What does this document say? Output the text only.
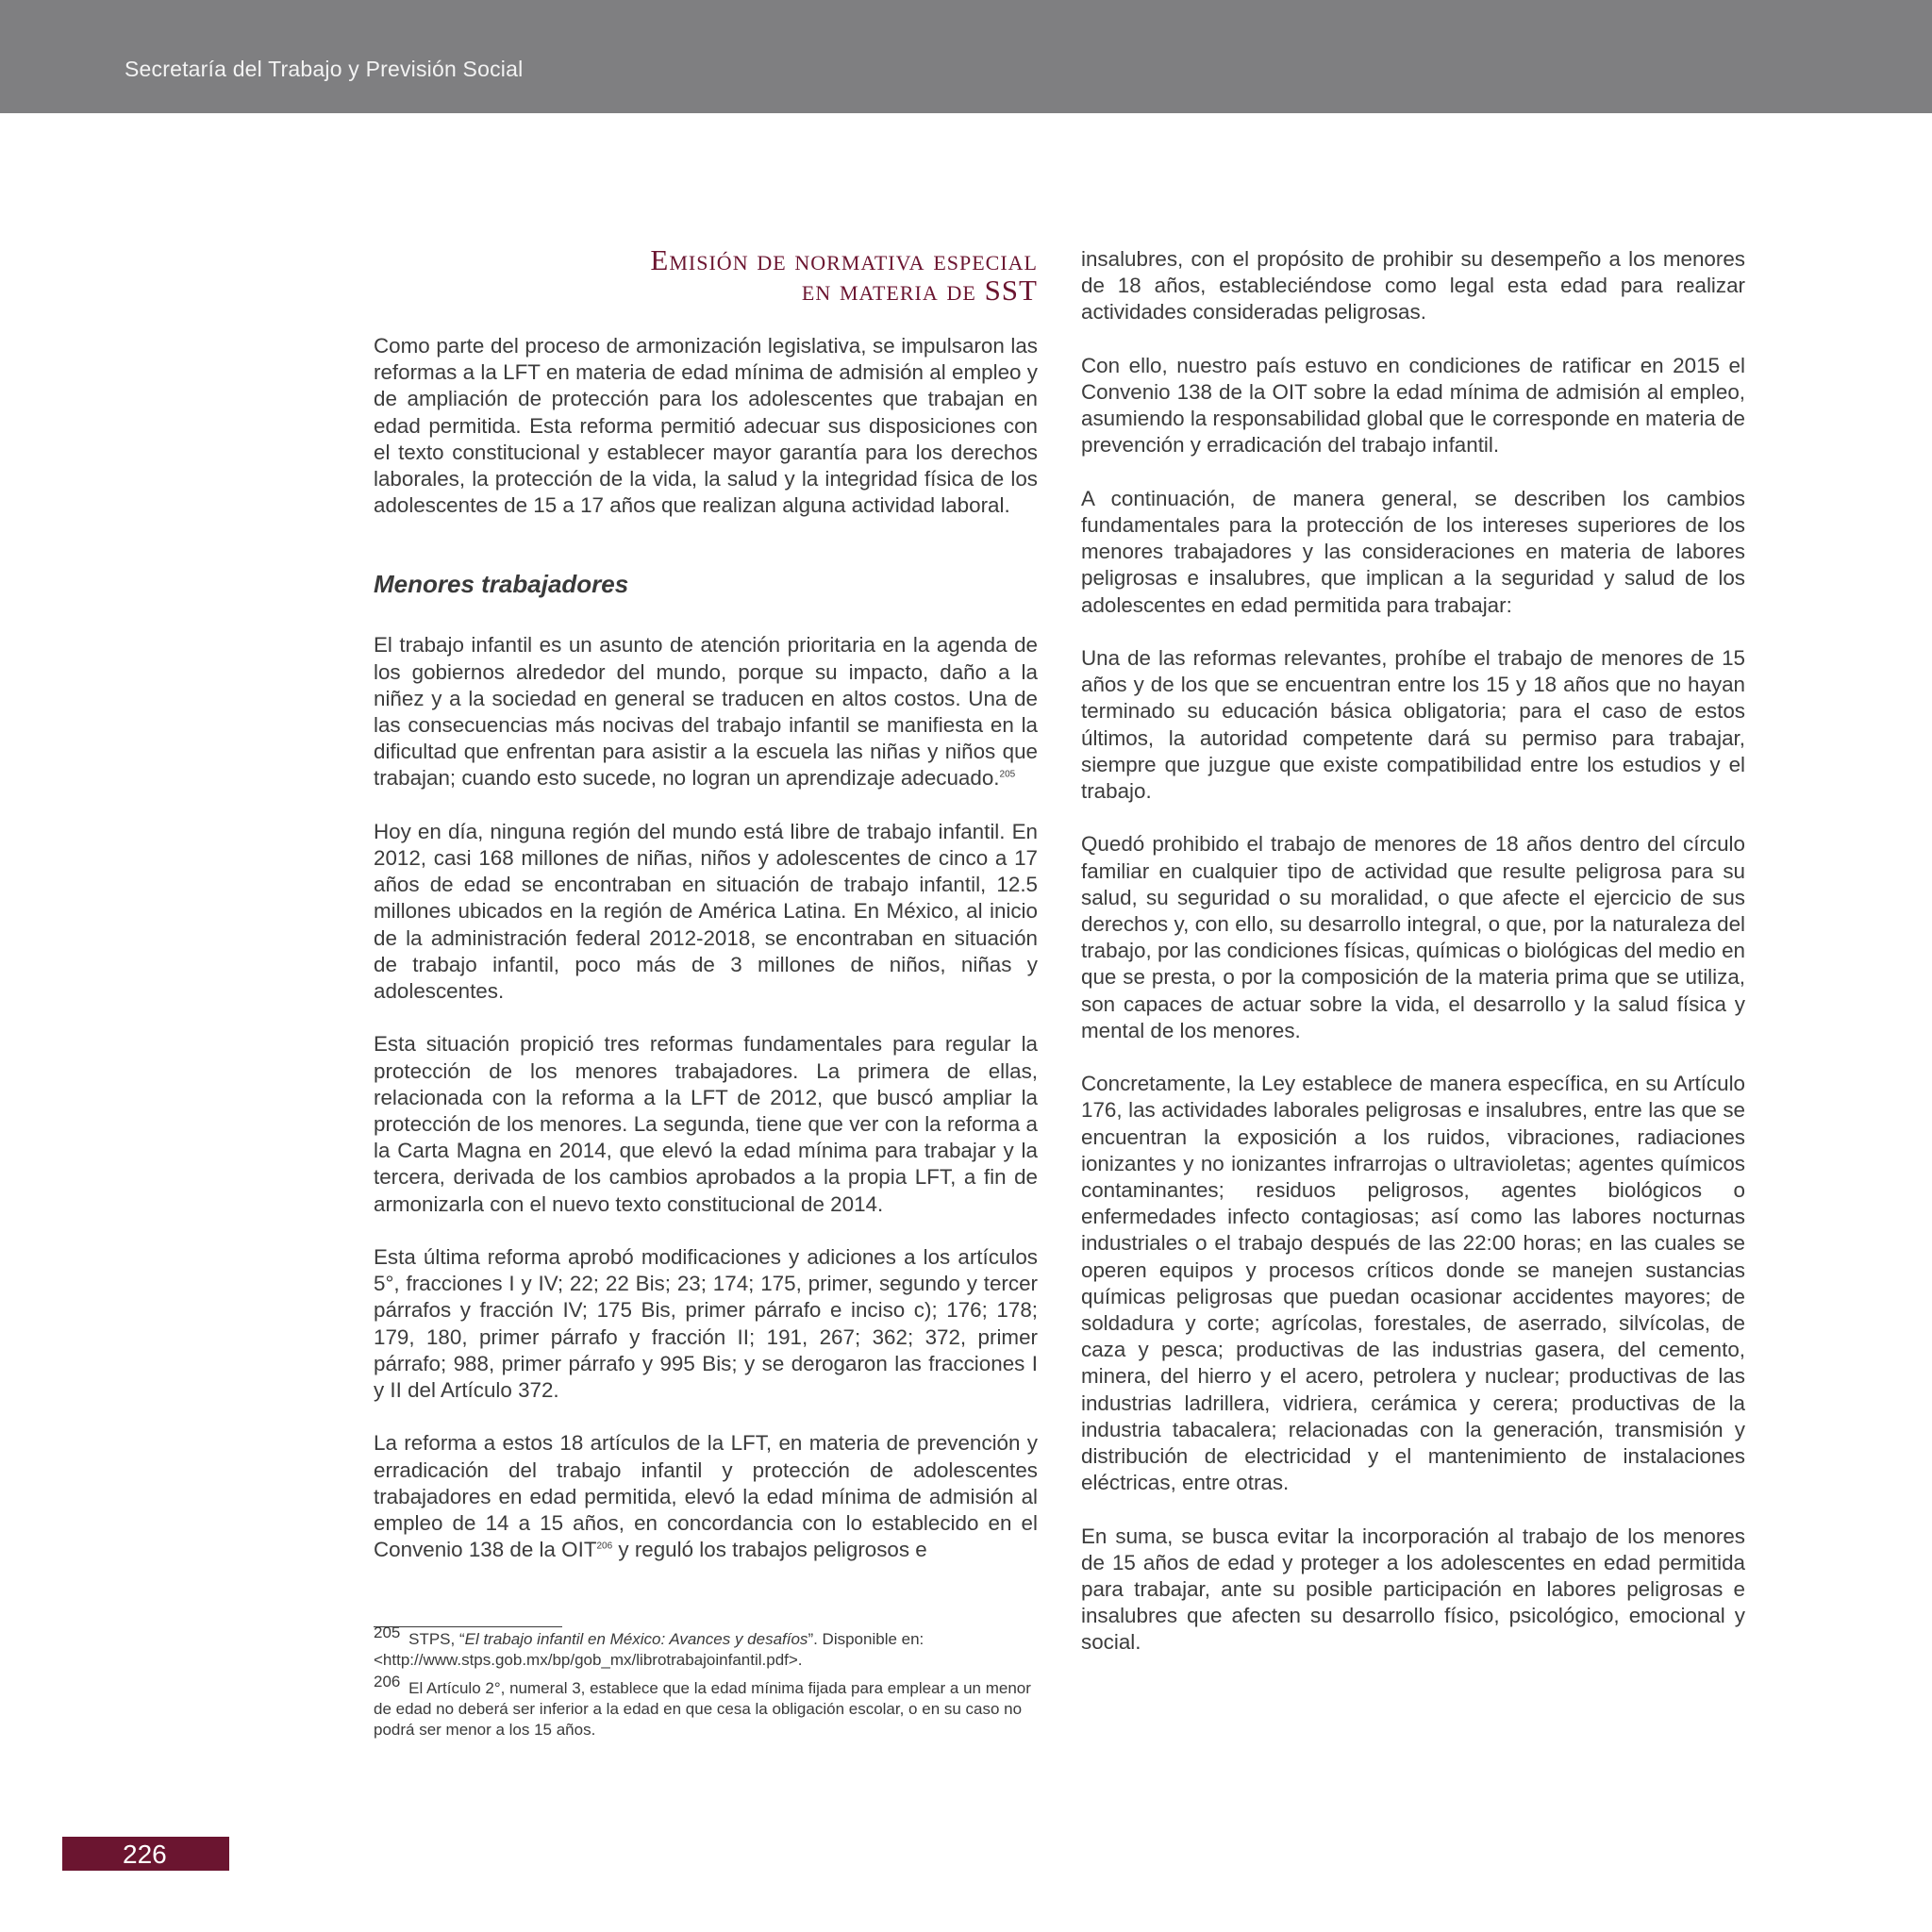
Secretaría del Trabajo y Previsión Social
Emisión de normativa especial
en materia de SST

Como parte del proceso de armonización legislativa, se impulsaron las reformas a la LFT en materia de edad mínima de admisión al empleo y de ampliación de protección para los adolescentes que trabajan en edad permitida. Esta reforma permitió adecuar sus disposiciones con el texto constitucional y establecer mayor garantía para los derechos laborales, la protección de la vida, la salud y la integridad física de los adolescentes de 15 a 17 años que realizan alguna actividad laboral.

Menores trabajadores

El trabajo infantil es un asunto de atención prioritaria en la agenda de los gobiernos alrededor del mundo, porque su impacto, daño a la niñez y a la sociedad en general se traducen en altos costos. Una de las consecuencias más nocivas del trabajo infantil se manifiesta en la dificultad que enfrentan para asistir a la escuela las niñas y niños que trabajan; cuando esto sucede, no logran un aprendizaje adecuado.$^{205}$

Hoy en día, ninguna región del mundo está libre de trabajo infantil. En 2012, casi 168 millones de niñas, niños y adolescentes de cinco a 17 años de edad se encontraban en situación de trabajo infantil, 12.5 millones ubicados en la región de América Latina. En México, al inicio de la administración federal 2012-2018, se encontraban en situación de trabajo infantil, poco más de 3 millones de niños, niñas y adolescentes.

Esta situación propició tres reformas fundamentales para regular la protección de los menores trabajadores. La primera de ellas, relacionada con la reforma a la LFT de 2012, que buscó ampliar la protección de los menores. La segunda, tiene que ver con la reforma a la Carta Magna en 2014, que elevó la edad mínima para trabajar y la tercera, derivada de los cambios aprobados a la propia LFT, a fin de armonizarla con el nuevo texto constitucional de 2014.

Esta última reforma aprobó modificaciones y adiciones a los artículos 5°, fracciones I y IV; 22; 22 Bis; 23; 174; 175, primer, segundo y tercer párrafos y fracción IV; 175 Bis, primer párrafo e inciso c); 176; 178; 179, 180, primer párrafo y fracción II; 191, 267; 362; 372, primer párrafo; 988, primer párrafo y 995 Bis; y se derogaron las fracciones I y II del Artículo 372.

La reforma a estos 18 artículos de la LFT, en materia de prevención y erradicación del trabajo infantil y protección de adolescentes trabajadores en edad permitida, elevó la edad mínima de admisión al empleo de 14 a 15 años, en concordancia con lo establecido en el Convenio 138 de la OIT$^{206}$ y reguló los trabajos peligrosos e

insalubres, con el propósito de prohibir su desempeño a los menores de 18 años, estableciéndose como legal esta edad para realizar actividades consideradas peligrosas.

Con ello, nuestro país estuvo en condiciones de ratificar en 2015 el Convenio 138 de la OIT sobre la edad mínima de admisión al empleo, asumiendo la responsabilidad global que le corresponde en materia de prevención y erradicación del trabajo infantil.

A continuación, de manera general, se describen los cambios fundamentales para la protección de los intereses superiores de los menores trabajadores y las consideraciones en materia de labores peligrosas e insalubres, que implican a la seguridad y salud de los adolescentes en edad permitida para trabajar:

Una de las reformas relevantes, prohíbe el trabajo de menores de 15 años y de los que se encuentran entre los 15 y 18 años que no hayan terminado su educación básica obligatoria; para el caso de estos últimos, la autoridad competente dará su permiso para trabajar, siempre que juzgue que existe compatibilidad entre los estudios y el trabajo.

Quedó prohibido el trabajo de menores de 18 años dentro del círculo familiar en cualquier tipo de actividad que resulte peligrosa para su salud, su seguridad o su moralidad, o que afecte el ejercicio de sus derechos y, con ello, su desarrollo integral, o que, por la naturaleza del trabajo, por las condiciones físicas, químicas o biológicas del medio en que se presta, o por la composición de la materia prima que se utiliza, son capaces de actuar sobre la vida, el desarrollo y la salud física y mental de los menores.

Concretamente, la Ley establece de manera específica, en su Artículo 176, las actividades laborales peligrosas e insalubres, entre las que se encuentran la exposición a los ruidos, vibraciones, radiaciones ionizantes y no ionizantes infrarrojas o ultravioletas; agentes químicos contaminantes; residuos peligrosos, agentes biológicos o enfermedades infecto contagiosas; así como las labores nocturnas industriales o el trabajo después de las 22:00 horas; en las cuales se operen equipos y procesos críticos donde se manejen sustancias químicas peligrosas que puedan ocasionar accidentes mayores; de soldadura y corte; agrícolas, forestales, de aserrado, silvícolas, de caza y pesca; productivas de las industrias gasera, del cemento, minera, del hierro y el acero, petrolera y nuclear; productivas de las industrias ladrillera, vidriera, cerámica y cerera; productivas de la industria tabacalera; relacionadas con la generación, transmisión y distribución de electricidad y el mantenimiento de instalaciones eléctricas, entre otras.

En suma, se busca evitar la incorporación al trabajo de los menores de 15 años de edad y proteger a los adolescentes en edad permitida para trabajar, ante su posible participación en labores peligrosas e insalubres que afecten su desarrollo físico, psicológico, emocional y social.

205 STPS, “El trabajo infantil en México: Avances y desafíos”. Disponible en: <http://www.stps.gob.mx/bp/gob_mx/librotrabajoinfantil.pdf>.
206 El Artículo 2°, numeral 3, establece que la edad mínima fijada para emplear a un menor de edad no deberá ser inferior a la edad en que cesa la obligación escolar, o en su caso no podrá ser menor a los 15 años.
226
